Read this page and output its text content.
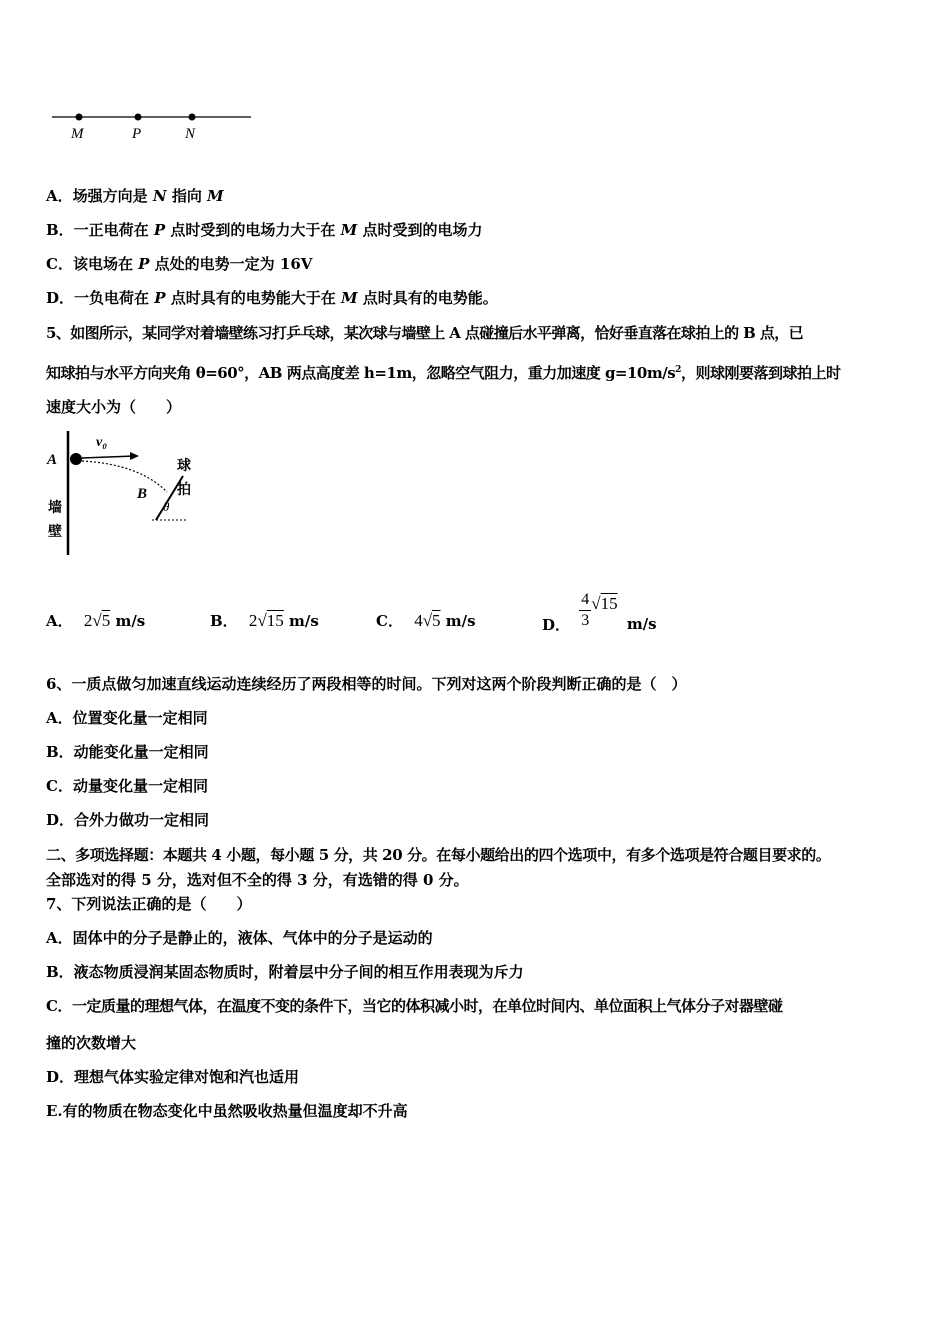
M	P	N
A．场强方向是 N 指向 M
B．一正电荷在 P 点时受到的电场力大于在 M 点时受到的电场力
C．该电场在 P 点处的电势一定为 16V
D．一负电荷在 P 点时具有的电势能大于在 M 点时具有的电势能。
5、如图所示，某同学对着墙壁练习打乒乓球，某次球与墙壁上 A 点碰撞后水平弹离，恰好垂直落在球拍上的 B 点，已
知球拍与水平方向夹角 θ=60°，AB 两点高度差 h=1m，忽略空气阻力，重力加速度 $g=10m/s^2$，则球刚要落到球拍上时
速度大小为（　　）
A
v₀
墙
壁
球
拍
B
θ
A． 2√5 m/s	B． 2√15 m/s	C． 4√5 m/s	D． $\frac{4}{3} √15$ m/s
6、一质点做匀加速直线运动连续经历了两段相等的时间。下列对这两个阶段判断正确的是（　）
A．位置变化量一定相同
B．动能变化量一定相同
C．动量变化量一定相同
D．合外力做功一定相同
二、多项选择题：本题共 4 小题，每小题 5 分，共 20 分。在每小题给出的四个选项中，有多个选项是符合题目要求的。
全部选对的得 5 分，选对但不全的得 3 分，有选错的得 0 分。
7、下列说法正确的是（　　）
A．固体中的分子是静止的，液体、气体中的分子是运动的
B．液态物质浸润某固态物质时，附着层中分子间的相互作用表现为斥力
C．一定质量的理想气体，在温度不变的条件下，当它的体积减小时，在单位时间内、单位面积上气体分子对器壁碰
撞的次数增大
D．理想气体实验定律对饱和汽也适用
E.有的物质在物态变化中虽然吸收热量但温度却不升高
